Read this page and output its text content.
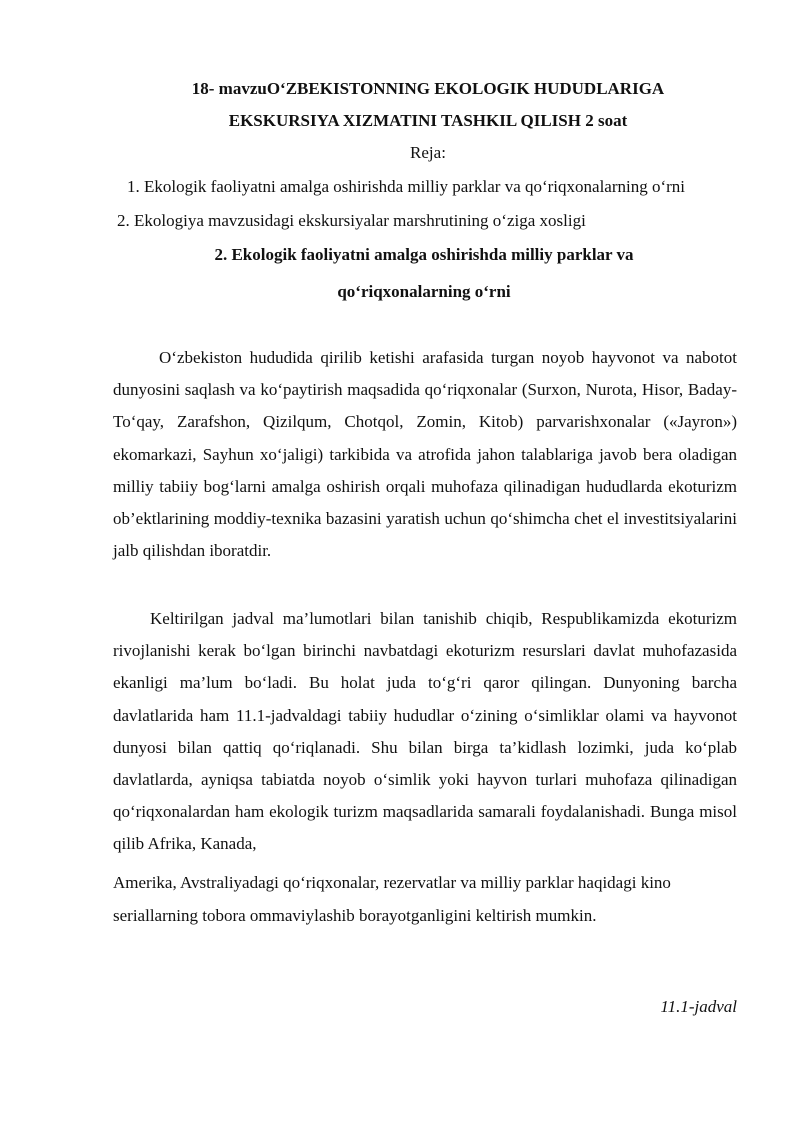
18- mavzuO‘ZBEKISTONNING EKOLOGIK HUDUDLARIGA
EKSKURSIYA XIZMATINI TASHKIL QILISH 2 soat
Reja:
1. Ekologik faoliyatni amalga oshirishda milliy parklar va qo‘riqxonalarning o‘rni
2. Ekologiya mavzusidagi ekskursiyalar marshrutining o‘ziga xosligi
2. Ekologik faoliyatni amalga oshirishda milliy parklar va
qo‘riqxonalarning o‘rni
O‘zbekiston hududida qirilib ketishi arafasida turgan noyob hayvonot va nabotot dunyosini saqlash va ko‘paytirish maqsadida qo‘riqxonalar (Surxon, Nurota, Hisor, Baday-To‘qay, Zarafshon, Qizilqum, Chotqol, Zomin, Kitob) parvarishxonalar («Jayron») ekomarkazi, Sayhun xo‘jaligi) tarkibida va atrofida jahon talablariga javob bera oladigan milliy tabiiy bog‘larni amalga oshirish orqali muhofaza qilinadigan hududlarda ekoturizm ob’ektlarining moddiy-texnika bazasini yaratish uchun qo‘shimcha chet el investitsiyalarini jalb qilishdan iboratdir.
Keltirilgan jadval ma’lumotlari bilan tanishib chiqib, Respublikamizda ekoturizm rivojlanishi kerak bo‘lgan birinchi navbatdagi ekoturizm resurslari davlat muhofazasida ekanligi ma’lum bo‘ladi. Bu holat juda to‘g‘ri qaror qilingan. Dunyoning barcha davlatlarida ham 11.1-jadvaldagi tabiiy hududlar o‘zining o‘simliklar olami va hayvonot dunyosi bilan qattiq qo‘riqlanadi. Shu bilan birga ta’kidlash lozimki, juda ko‘plab davlatlarda, ayniqsa tabiatda noyob o‘simlik yoki hayvon turlari muhofaza qilinadigan qo‘riqxonalardan ham ekologik turizm maqsadlarida samarali foydalanishadi. Bunga misol qilib Afrika, Kanada,
Amerika, Avstraliyadagi qo‘riqxonalar, rezervatlar va milliy parklar haqidagi kino
seriallarning tobora ommaviylashib borayotganligini keltirish mumkin.
11.1-jadval
